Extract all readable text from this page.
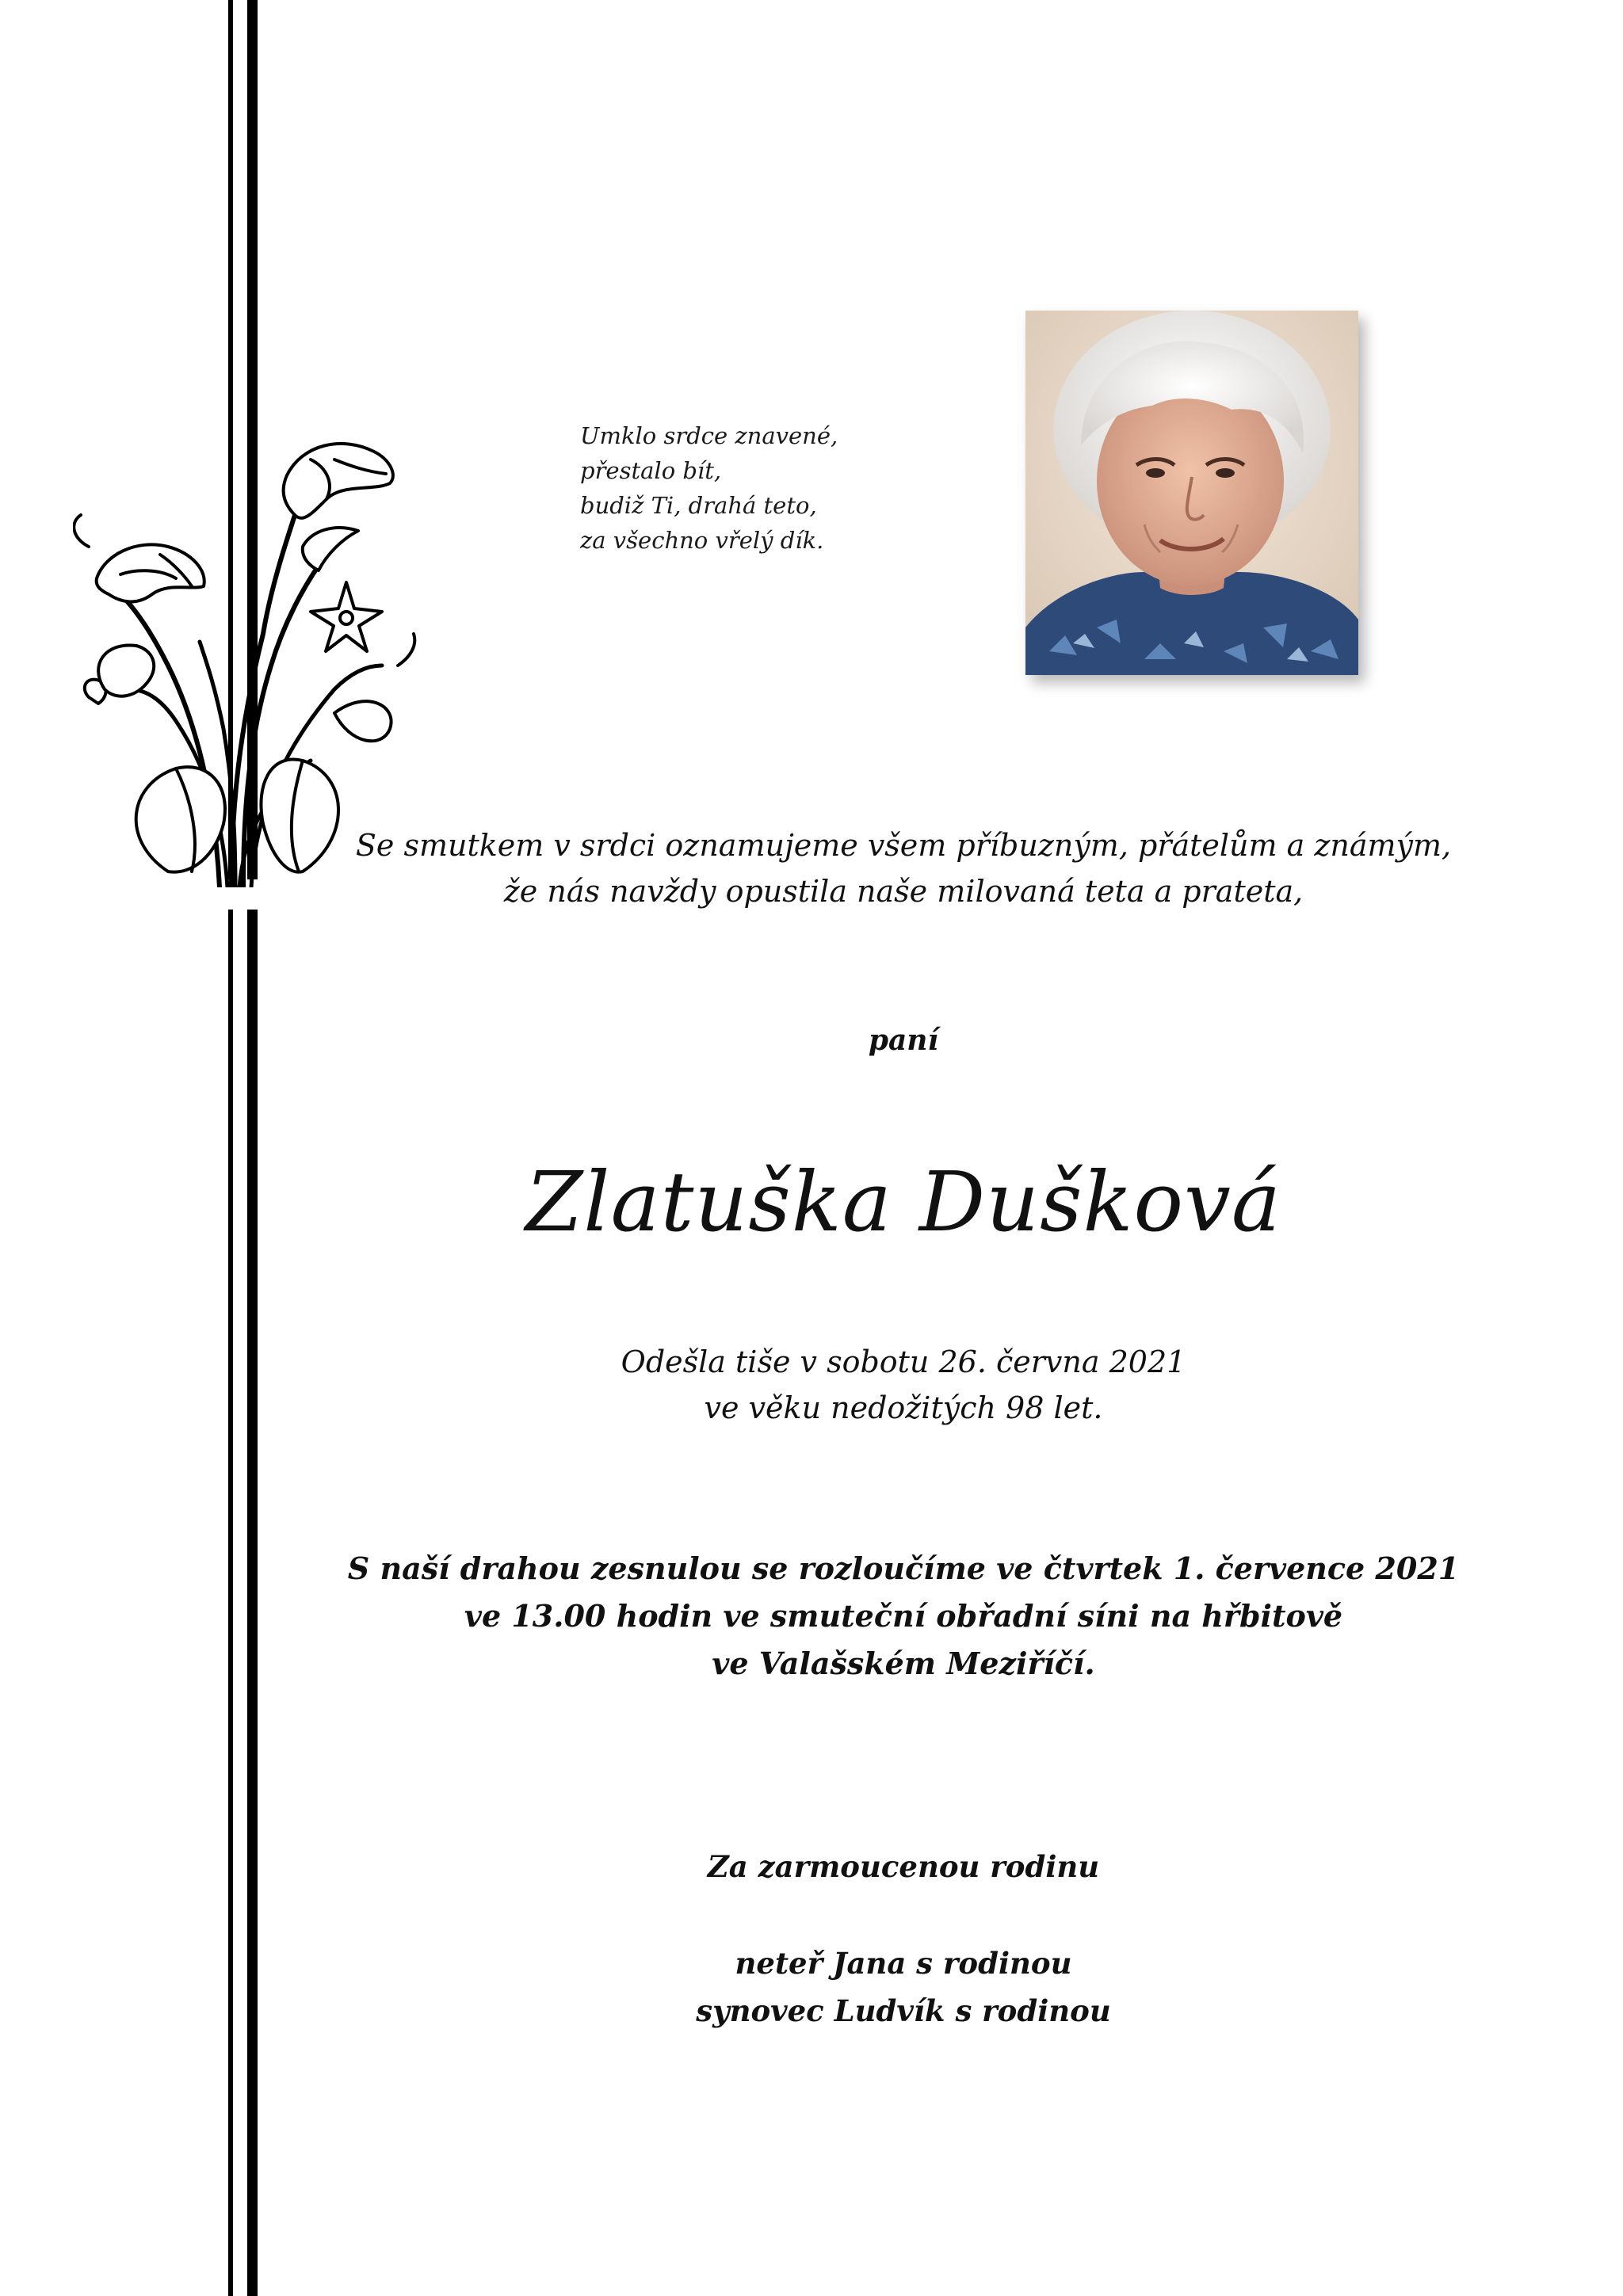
Umklo srdce znavené,
přestalo bít,
budiž Ti, drahá teto,
za všechno vřelý dík.
Se smutkem v srdci oznamujeme všem příbuzným, přátelům a známým,
že nás navždy opustila naše milovaná teta a prateta,
paní
Zlatuška Dušková
Odešla tiše v sobotu 26. června 2021
ve věku nedožitých 98 let.
S naší drahou zesnulou se rozloučíme ve čtvrtek 1. července 2021
ve 13.00 hodin ve smuteční obřadní síni na hřbitově
ve Valašském Meziříčí.
Za zarmoucenou rodinu
neteř Jana s rodinou
synovec Ludvík s rodinou
